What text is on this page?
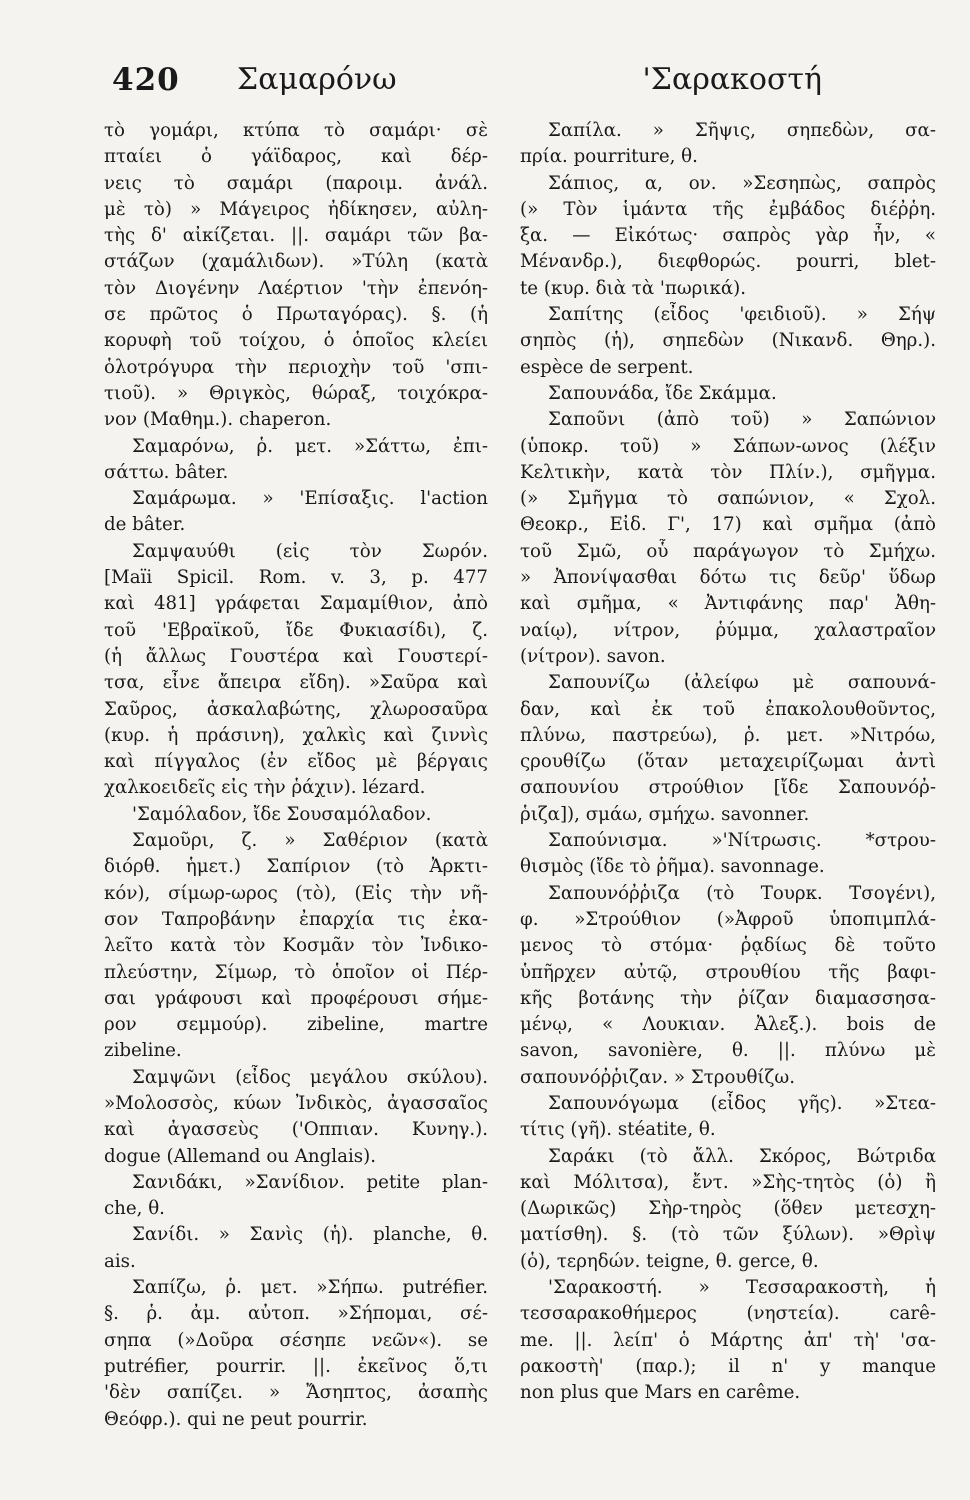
420 Σαμαρόνω	'Σαρακοστή
τὸ γομάρι, κτύπα τὸ σαμάρι· σὲ
πταίει ὁ γάϊδαρος, καὶ δέρ-
νεις τὸ σαμάρι (παροιμ. ἀνάλ.
μὲ τὸ) » Μάγειρος ἠδίκησεν, αὐλη-
τὴς δ' αἰκίζεται. ||. σαμάρι τῶν βα-
στάζων (χαμάλιδων). »Τύλη (κατὰ
τὸν Διογένην Λαέρτιον 'τὴν ἐπενόη-
σε πρῶτος ὁ Πρωταγόρας). §. (ἡ
κορυφὴ τοῦ τοίχου, ὁ ὁποῖος κλείει
ὁλοτρόγυρα τὴν περιοχὴν τοῦ 'σπι-
τιοῦ). » Θριγκὸς, θώραξ, τοιχόκρα-
νον (Μαθημ.). chaperon.
Σαμαρόνω, ῥ. μετ. »Σάττω, ἐπι-
σάττω. bâter.
Σαμάρωμα. » 'Επίσαξις. l'action
de bâter.
Σαμψαυύθι (εἰς τὸν Σωρόν.
[Maïi Spicil. Rom. v. 3, p. 477
καὶ 481] γράφεται Σαμαμίθιον, ἀπὸ
τοῦ 'Εβραϊκοῦ, ἴδε Φυκιασίδι), ζ.
(ἡ ἄλλως Γουστέρα καὶ Γουστερί-
τσα, εἶνε ἄπειρα εἴδη). »Σαῦρα καὶ
Σαῦρος, ἀσκαλαβώτης, χλωροσαῦρα
(κυρ. ἡ πράσινη), χαλκὶς καὶ ζιννὶς
καὶ πίγγαλος (ἐν εἴδος μὲ βέργαις
χαλκοειδεῖς εἰς τὴν ῥάχιν). lézard.
'Σαμόλαδον, ἴδε Σουσαμόλαδον.
Σαμοῦρι, ζ. » Σαθέριον (κατὰ
διόρθ. ἡμετ.) Σαπίριον (τὸ Ἀρκτι-
κόν), σίμωρ-ωρος (τὸ), (Εἰς τὴν νῆ-
σον Ταπροβάνην ἐπαρχία τις ἐκα-
λεῖτο κατὰ τὸν Κοσμᾶν τὸν Ἰνδικο-
πλεύστην, Σίμωρ, τὸ ὁποῖον οἱ Πέρ-
σαι γράφουσι καὶ προφέρουσι σήμε-
ρον σεμμούρ). zibeline, martre
zibeline.
Σαμψῶνι (εἶδος μεγάλου σκύλου).
»Μολοσσὸς, κύων Ἰνδικὸς, ἀγασσαῖος
καὶ ἀγασσεὺς ('Οππιαν. Κυνηγ.).
dogue (Allemand ou Anglais).
Σανιδάκι, »Σανίδιον. petite plan-
che, θ.
Σανίδι. » Σανὶς (ἡ). planche, θ.
ais.
Σαπίζω, ῥ. μετ. »Σήπω. putréfier.
§. ῥ. ἀμ. αὐτοπ. »Σήπομαι, σέ-
σηπα (»Δοῦρα σέσηπε νεῶν«). se
putréfier, pourrir. ||. ἐκεῖνος ὅ,τι
'δὲν σαπίζει. » Ἄσηπτος, ἀσαπὴς
Θεόφρ.). qui ne peut pourrir.
Σαπίλα. » Σῆψις, σηπεδὼν, σα-
πρία. pourriture, θ.
Σάπιος, α, ον. »Σεσηπὼς, σαπρὸς
(» Τὸν ἱμάντα τῆς ἐμβάδος διέῤῥη.
ξα. — Εἰκότως· σαπρὸς γὰρ ἦν, «
Μένανδρ.), διεφθορώς. pourri, blet-
te (κυρ. διὰ τὰ 'πωρικά).
Σαπίτης (εἶδος 'φειδιοῦ). » Σήψ
σηπὸς (ἡ), σηπεδὼν (Νικανδ. Θηρ.).
espèce de serpent.
Σαπουνάδα, ἴδε Σκάμμα.
Σαποῦνι (ἀπὸ τοῦ) » Σαπώνιον
(ὑποκρ. τοῦ) » Σάπων-ωνος (λέξιν
Κελτικὴν, κατὰ τὸν Πλίν.), σμῆγμα.
(» Σμῆγμα τὸ σαπώνιον, « Σχολ.
Θεοκρ., Εἰδ. Γ', 17) καὶ σμῆμα (ἀπὸ
τοῦ Σμῶ, οὗ παράγωγον τὸ Σμήχω.
» Ἀπονίψασθαι δότω τις δεῦρ' ὕδωρ
καὶ σμῆμα, « Ἀντιφάνης παρ' Ἀθη-
ναίῳ), νίτρον, ῥύμμα, χαλαστραῖον
(νίτρον). savon.
Σαπουνίζω (ἀλείφω μὲ σαπουνά-
δαν, καὶ ἐκ τοῦ ἐπακολουθοῦντος,
πλύνω, παστρεύω), ῥ. μετ. »Νιτρόω,
ςρουθίζω (ὅταν μεταχειρίζωμαι ἀντὶ
σαπουνίου στρούθιον [ἴδε Σαπουνόῤ-
ῥιζα]), σμάω, σμήχω. savonner.
Σαπούνισμα. »'Νίτρωσις. *στρου-
θισμὸς (ἴδε τὸ ῥῆμα). savonnage.
Σαπουνόῤῥιζα (τὸ Τουρκ. Τσογένι),
φ. »Στρούθιον (»Ἀφροῦ ὑποπιμπλά-
μενος τὸ στόμα· ῥᾳδίως δὲ τοῦτο
ὑπῆρχεν αὐτῷ, στρουθίου τῆς βαφι-
κῆς βοτάνης τὴν ῥίζαν διαμασσησα-
μένῳ, « Λουκιαν. Ἀλεξ.). bois de
savon, savonière, θ. ||. πλύνω μὲ
σαπουνόῤῥιζαν. » Στρουθίζω.
Σαπουνόγωμα (εἶδος γῆς). »Στεα-
τίτις (γῆ). stéatite, θ.
Σαράκι (τὸ ἄλλ. Σκόρος, Βώτριδα
καὶ Μόλιτσα), ἔντ. »Σὴς-τητὸς (ὁ) ἢ
(Δωρικῶς) Σὴρ-τηρὸς (ὅθεν μετεσχη-
ματίσθη). §. (τὸ τῶν ξύλων). »Θρὶψ
(ὁ), τερηδών. teigne, θ. gerce, θ.
'Σαρακοστή. » Τεσσαρακοστὴ, ἡ
τεσσαρακοθήμερος (νηστεία). carê-
me. ||. λείπ' ὁ Μάρτης ἀπ' τὴ' 'σα-
ρακοστὴ' (παρ.); il n' y manque
non plus que Mars en carême.
